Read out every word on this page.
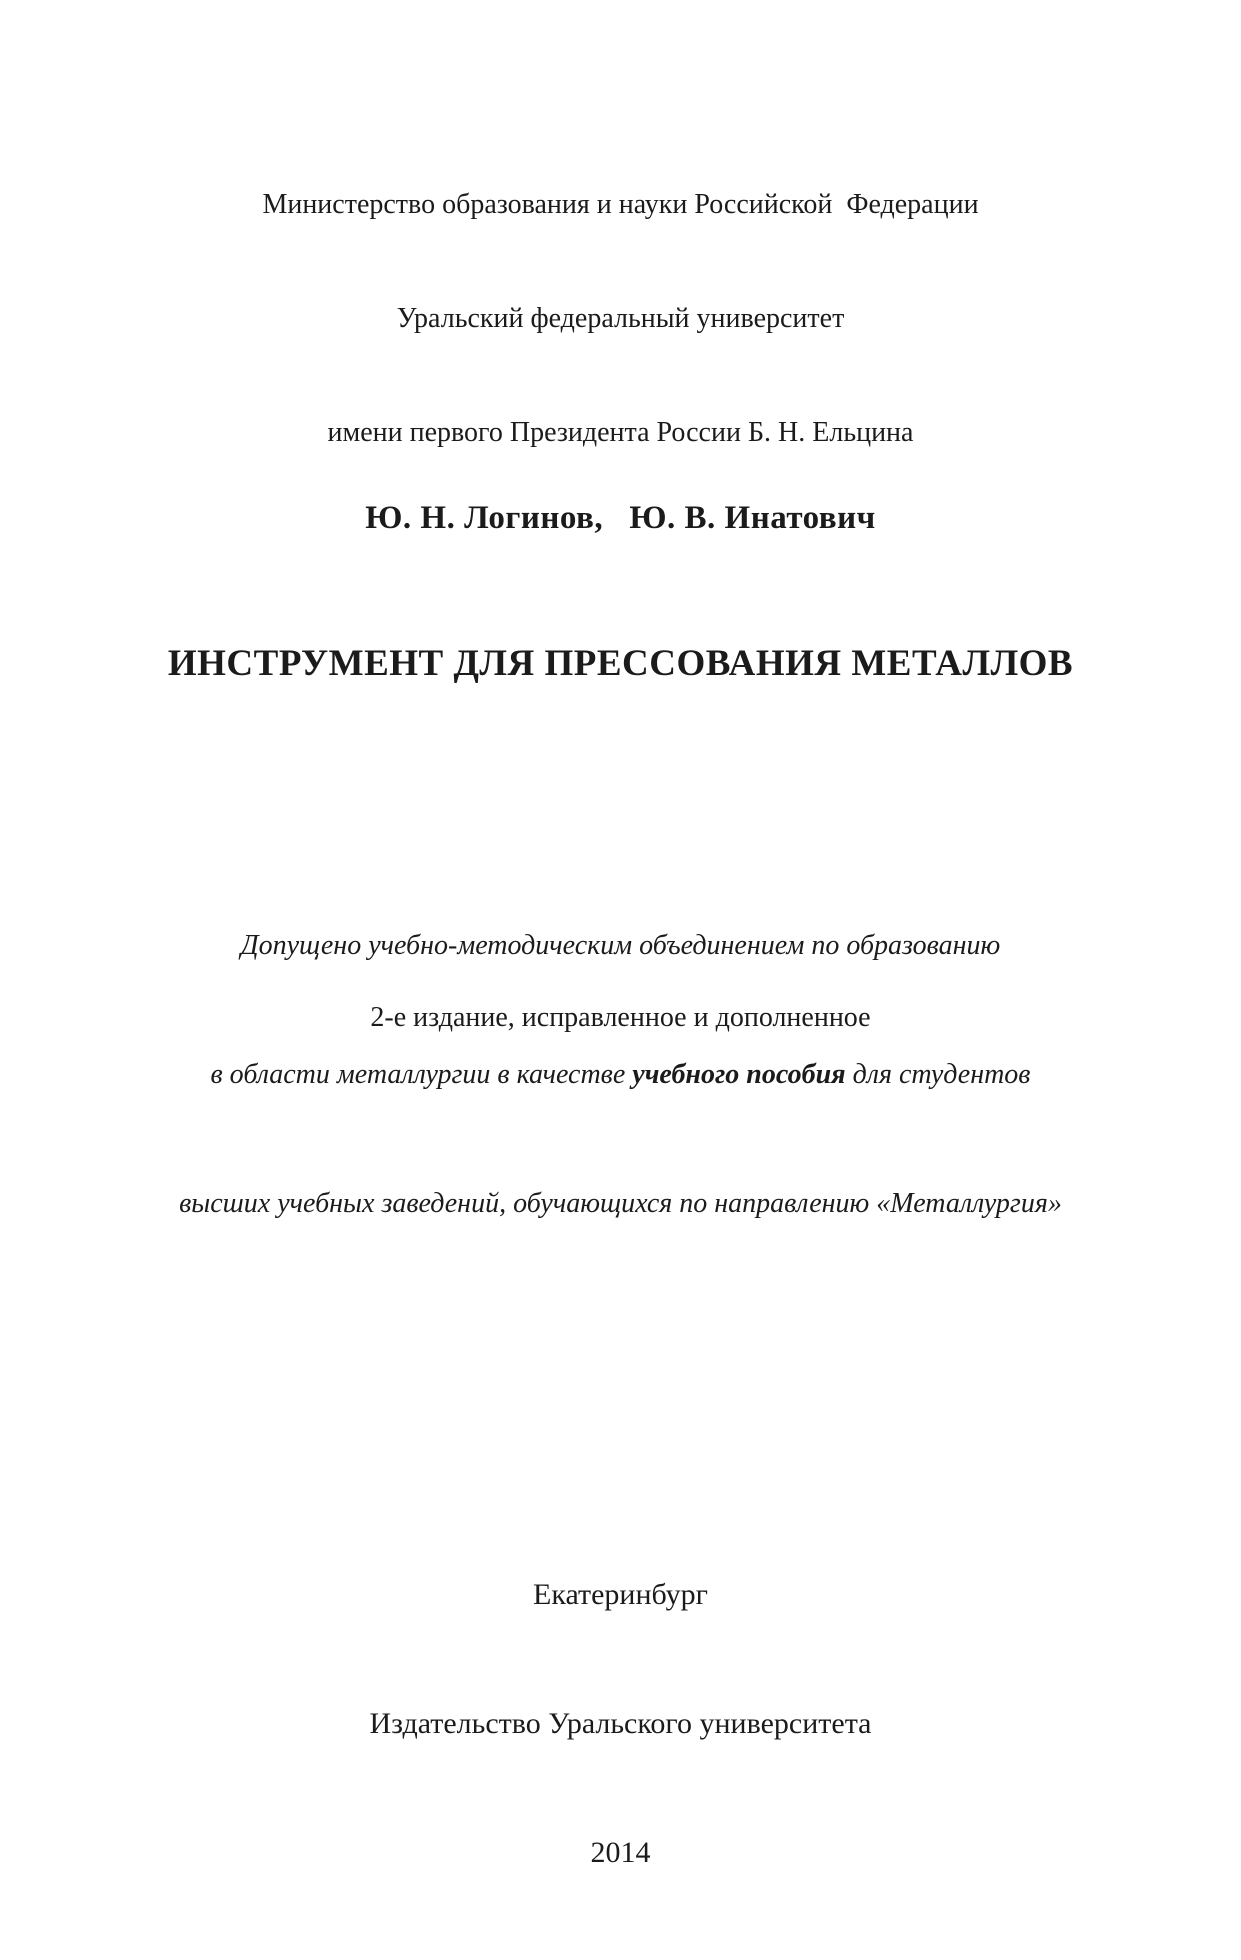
Министерство образования и науки Российской  Федерации

Уральский федеральный университет

имени первого Президента России Б. Н. Ельцина

Ю. Н. Логинов,   Ю. В. Инатович
ИНСТРУМЕНТ ДЛЯ ПРЕССОВАНИЯ МЕТАЛЛОВ

Допущено учебно-методическим объединением по образованию

в области металлургии в качестве учебного пособия для студентов

высших учебных заведений, обучающихся по направлению «Металлургия»

2-е издание, исправленное и дополненное

Екатеринбург

Издательство Уральского университета

2014
